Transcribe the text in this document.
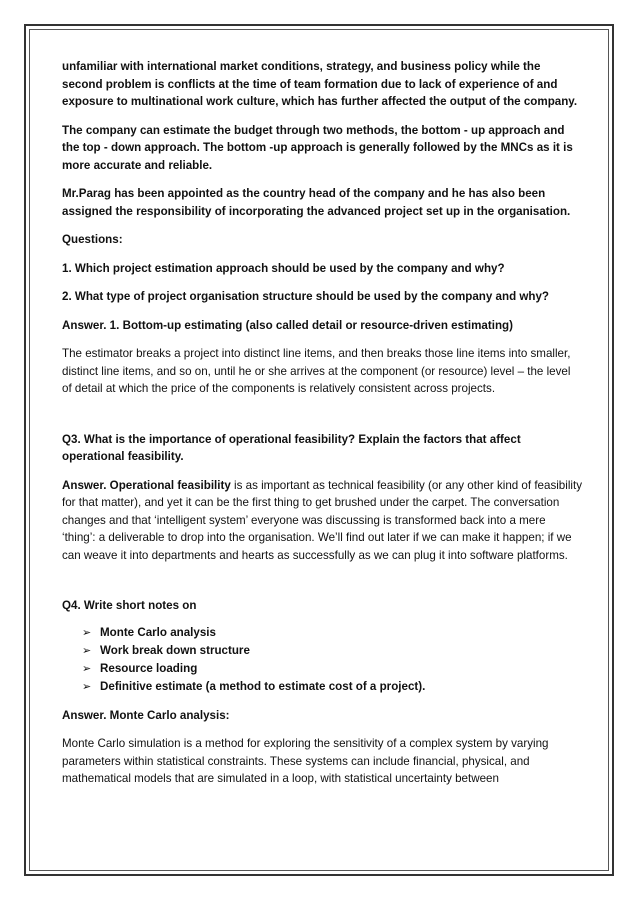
unfamiliar with international market conditions, strategy, and business policy while the second problem is conflicts at the time of team formation due to lack of experience of and exposure to multinational work culture, which has further affected the output of the company.

The company can estimate the budget through two methods, the bottom - up approach and the top - down approach. The bottom -up approach is generally followed by the MNCs as it is more accurate and reliable.

Mr.Parag has been appointed as the country head of the company and he has also been assigned the responsibility of incorporating the advanced project set up in the organisation.

Questions:

1. Which project estimation approach should be used by the company and why?

2. What type of project organisation structure should be used by the company and why?

Answer. 1. Bottom-up estimating (also called detail or resource-driven estimating)

The estimator breaks a project into distinct line items, and then breaks those line items into smaller, distinct line items, and so on, until he or she arrives at the component (or resource) level – the level of detail at which the price of the components is relatively consistent across projects.

Q3. What is the importance of operational feasibility? Explain the factors that affect operational feasibility.

Answer. Operational feasibility is as important as technical feasibility (or any other kind of feasibility for that matter), and yet it can be the first thing to get brushed under the carpet. The conversation changes and that ‘intelligent system’ everyone was discussing is transformed back into a mere ‘thing’: a deliverable to drop into the organisation. We’ll find out later if we can make it happen; if we can weave it into departments and hearts as successfully as we can plug it into software platforms.

Q4. Write short notes on

➢ Monte Carlo analysis
➢ Work break down structure
➢ Resource loading
➢ Definitive estimate (a method to estimate cost of a project).

Answer. Monte Carlo analysis:

Monte Carlo simulation is a method for exploring the sensitivity of a complex system by varying parameters within statistical constraints. These systems can include financial, physical, and mathematical models that are simulated in a loop, with statistical uncertainty between
